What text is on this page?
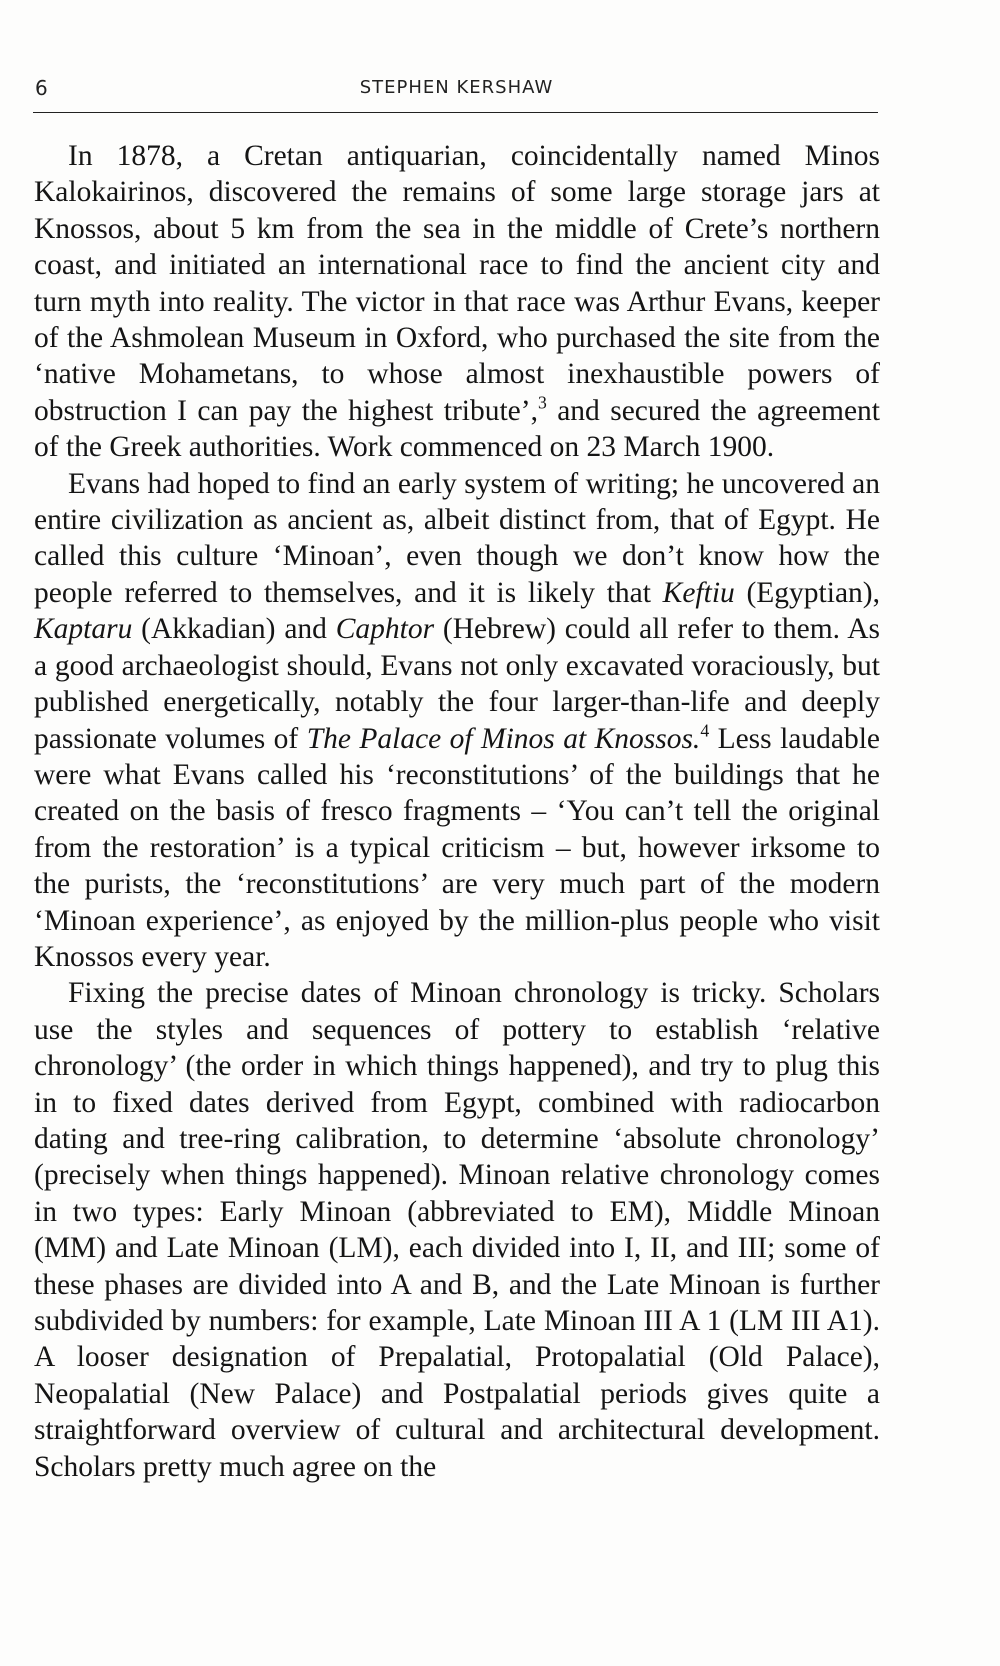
6	STEPHEN KERSHAW

In 1878, a Cretan antiquarian, coincidentally named Minos Kalokairinos, discovered the remains of some large storage jars at Knossos, about 5 km from the sea in the middle of Crete’s northern coast, and initiated an international race to find the ancient city and turn myth into reality. The victor in that race was Arthur Evans, keeper of the Ashmolean Museum in Oxford, who purchased the site from the ‘native Mohametans, to whose almost inexhaustible powers of obstruction I can pay the highest tribute’,$^3$ and secured the agreement of the Greek authorities. Work commenced on 23 March 1900.

Evans had hoped to find an early system of writing; he uncovered an entire civilization as ancient as, albeit distinct from, that of Egypt. He called this culture ‘Minoan’, even though we don’t know how the people referred to themselves, and it is likely that Keftiu (Egyptian), Kaptaru (Akkadian) and Caphtor (Hebrew) could all refer to them. As a good archaeologist should, Evans not only excavated voraciously, but published energetically, notably the four larger-than-life and deeply passionate volumes of The Palace of Minos at Knossos.$^4$ Less laudable were what Evans called his ‘reconstitutions’ of the buildings that he created on the basis of fresco fragments – ‘You can’t tell the original from the restoration’ is a typical criticism – but, however irksome to the purists, the ‘reconstitutions’ are very much part of the modern ‘Minoan experience’, as enjoyed by the million-plus people who visit Knossos every year.

Fixing the precise dates of Minoan chronology is tricky. Scholars use the styles and sequences of pottery to establish ‘relative chronology’ (the order in which things happened), and try to plug this in to fixed dates derived from Egypt, combined with radiocarbon dating and tree-ring calibration, to determine ‘absolute chronology’ (precisely when things happened). Minoan relative chronology comes in two types: Early Minoan (abbreviated to EM), Middle Minoan (MM) and Late Minoan (LM), each divided into I, II, and III; some of these phases are divided into A and B, and the Late Minoan is further subdivided by numbers: for example, Late Minoan III A 1 (LM III A1). A looser designation of Prepalatial, Protopalatial (Old Palace), Neopalatial (New Palace) and Postpalatial periods gives quite a straightforward overview of cultural and architectural development. Scholars pretty much agree on the
